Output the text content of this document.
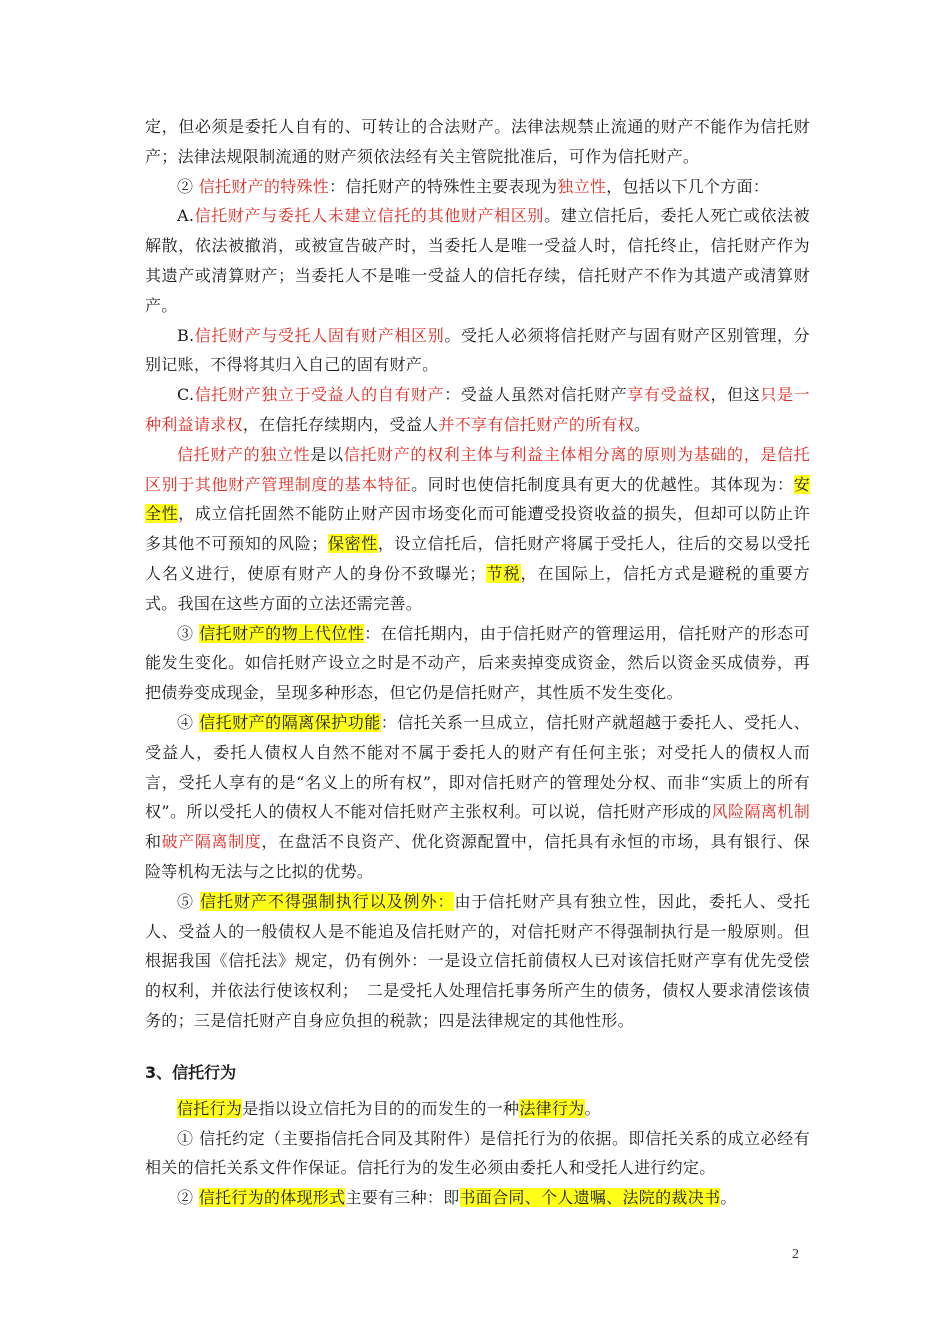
定，但必须是委托人自有的、可转让的合法财产。法律法规禁止流通的财产不能作为信托财产；法律法规限制流通的财产须依法经有关主管院批准后，可作为信托财产。

② 信托财产的特殊性：信托财产的特殊性主要表现为独立性，包括以下几个方面：

A.信托财产与委托人未建立信托的其他财产相区别。建立信托后，委托人死亡或依法被解散，依法被撤消，或被宣告破产时，当委托人是唯一受益人时，信托终止，信托财产作为其遗产或清算财产；当委托人不是唯一受益人的信托存续，信托财产不作为其遗产或清算财产。

B.信托财产与受托人固有财产相区别。受托人必须将信托财产与固有财产区别管理，分别记账，不得将其归入自己的固有财产。

C.信托财产独立于受益人的自有财产：受益人虽然对信托财产享有受益权，但这只是一种利益请求权，在信托存续期内，受益人并不享有信托财产的所有权。

信托财产的独立性是以信托财产的权利主体与利益主体相分离的原则为基础的，是信托区别于其他财产管理制度的基本特征。同时也使信托制度具有更大的优越性。其体现为：安全性，成立信托固然不能防止财产因市场变化而可能遭受投资收益的损失，但却可以防止许多其他不可预知的风险；保密性，设立信托后，信托财产将属于受托人，往后的交易以受托人名义进行，使原有财产人的身份不致曝光；节税，在国际上，信托方式是避税的重要方式。我国在这些方面的立法还需完善。

③ 信托财产的物上代位性：在信托期内，由于信托财产的管理运用，信托财产的形态可能发生变化。如信托财产设立之时是不动产，后来卖掉变成资金，然后以资金买成债券，再把债券变成现金，呈现多种形态，但它仍是信托财产，其性质不发生变化。

④ 信托财产的隔离保护功能：信托关系一旦成立，信托财产就超越于委托人、受托人、受益人，委托人债权人自然不能对不属于委托人的财产有任何主张；对受托人的债权人而言，受托人享有的是“名义上的所有权”，即对信托财产的管理处分权、而非“实质上的所有权”。所以受托人的债权人不能对信托财产主张权利。可以说，信托财产形成的风险隔离机制和破产隔离制度，在盘活不良资产、优化资源配置中，信托具有永恒的市场，具有银行、保险等机构无法与之比拟的优势。

⑤ 信托财产不得强制执行以及例外：由于信托财产具有独立性，因此，委托人、受托人、受益人的一般债权人是不能追及信托财产的，对信托财产不得强制执行是一般原则。但根据我国《信托法》规定，仍有例外：一是设立信托前债权人已对该信托财产享有优先受偿的权利，并依法行使该权利；　二是受托人处理信托事务所产生的债务，债权人要求清偿该债务的；三是信托财产自身应负担的税款；四是法律规定的其他性形。

3、信托行为

信托行为是指以设立信托为目的的而发生的一种法律行为。

① 信托约定（主要指信托合同及其附件）是信托行为的依据。即信托关系的成立必经有相关的信托关系文件作保证。信托行为的发生必须由委托人和受托人进行约定。

② 信托行为的体现形式主要有三种：即书面合同、个人遗嘱、法院的裁决书。

2
